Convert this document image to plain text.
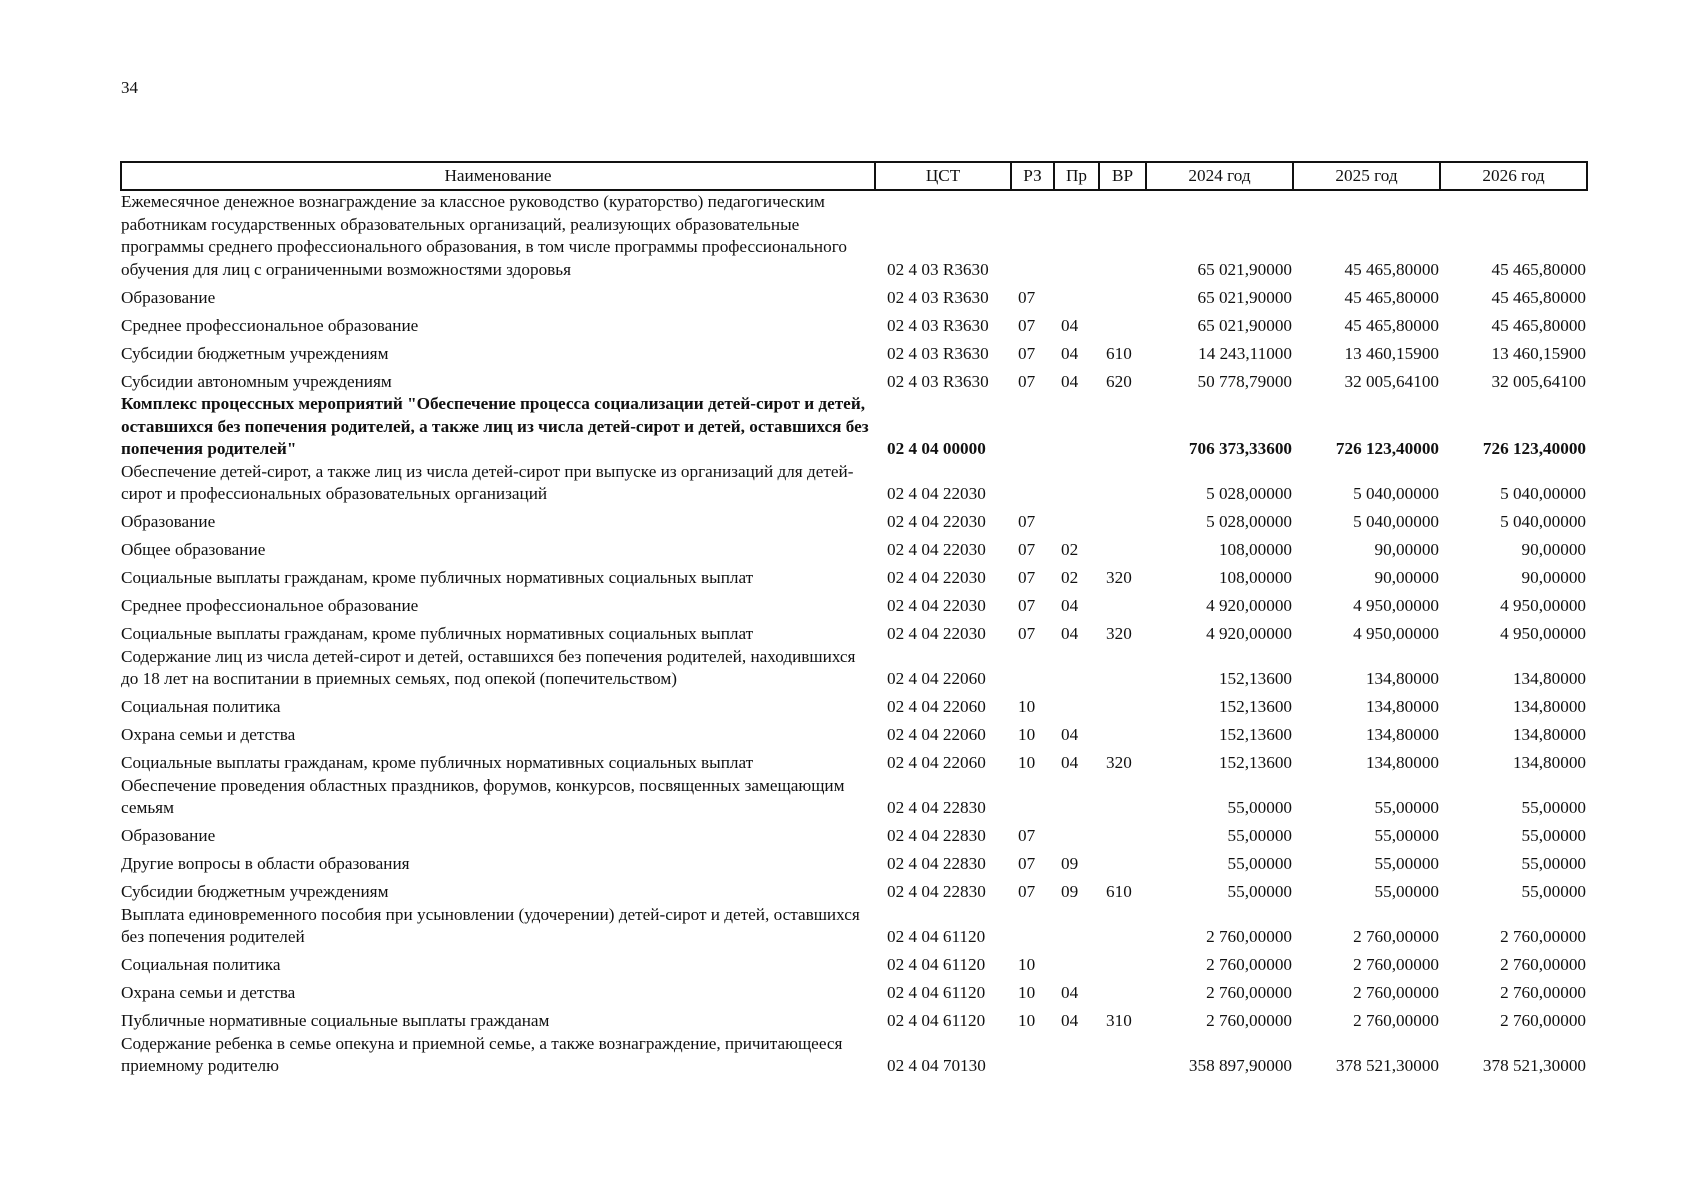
34
Наименование	ЦСТ	РЗ	Пр	ВР	2024 год	2025 год	2026 год
Ежемесячное денежное вознаграждение за классное руководство (кураторство) педагогическим работникам государственных образовательных организаций, реализующих образовательные программы среднего профессионального образования, в том числе программы профессионального обучения для лиц с ограниченными возможностями здоровья	02 4 03 R3630				65 021,90000	45 465,80000	45 465,80000
Образование	02 4 03 R3630	07			65 021,90000	45 465,80000	45 465,80000
Среднее профессиональное образование	02 4 03 R3630	07	04		65 021,90000	45 465,80000	45 465,80000
Субсидии бюджетным учреждениям	02 4 03 R3630	07	04	610	14 243,11000	13 460,15900	13 460,15900
Субсидии автономным учреждениям	02 4 03 R3630	07	04	620	50 778,79000	32 005,64100	32 005,64100
Комплекс процессных мероприятий "Обеспечение процесса социализации детей-сирот и детей, оставшихся без попечения родителей, а также лиц из числа детей-сирот и детей, оставшихся без попечения родителей"	02 4 04 00000				706 373,33600	726 123,40000	726 123,40000
Обеспечение детей-сирот, а также лиц из числа детей-сирот при выпуске из организаций для детей-сирот и профессиональных образовательных организаций	02 4 04 22030				5 028,00000	5 040,00000	5 040,00000
Образование	02 4 04 22030	07			5 028,00000	5 040,00000	5 040,00000
Общее образование	02 4 04 22030	07	02		108,00000	90,00000	90,00000
Социальные выплаты гражданам, кроме публичных нормативных социальных выплат	02 4 04 22030	07	02	320	108,00000	90,00000	90,00000
Среднее профессиональное образование	02 4 04 22030	07	04		4 920,00000	4 950,00000	4 950,00000
Социальные выплаты гражданам, кроме публичных нормативных социальных выплат	02 4 04 22030	07	04	320	4 920,00000	4 950,00000	4 950,00000
Содержание лиц из числа детей-сирот и детей, оставшихся без попечения родителей, находившихся до 18 лет на воспитании в приемных семьях, под опекой (попечительством)	02 4 04 22060				152,13600	134,80000	134,80000
Социальная политика	02 4 04 22060	10			152,13600	134,80000	134,80000
Охрана семьи и детства	02 4 04 22060	10	04		152,13600	134,80000	134,80000
Социальные выплаты гражданам, кроме публичных нормативных социальных выплат	02 4 04 22060	10	04	320	152,13600	134,80000	134,80000
Обеспечение проведения областных праздников, форумов, конкурсов, посвященных замещающим семьям	02 4 04 22830				55,00000	55,00000	55,00000
Образование	02 4 04 22830	07			55,00000	55,00000	55,00000
Другие вопросы в области образования	02 4 04 22830	07	09		55,00000	55,00000	55,00000
Субсидии бюджетным учреждениям	02 4 04 22830	07	09	610	55,00000	55,00000	55,00000
Выплата единовременного пособия при усыновлении (удочерении) детей-сирот и детей, оставшихся без попечения родителей	02 4 04 61120				2 760,00000	2 760,00000	2 760,00000
Социальная политика	02 4 04 61120	10			2 760,00000	2 760,00000	2 760,00000
Охрана семьи и детства	02 4 04 61120	10	04		2 760,00000	2 760,00000	2 760,00000
Публичные нормативные социальные выплаты гражданам	02 4 04 61120	10	04	310	2 760,00000	2 760,00000	2 760,00000
Содержание ребенка в семье опекуна и приемной семье, а также вознаграждение, причитающееся приемному родителю	02 4 04 70130				358 897,90000	378 521,30000	378 521,30000
